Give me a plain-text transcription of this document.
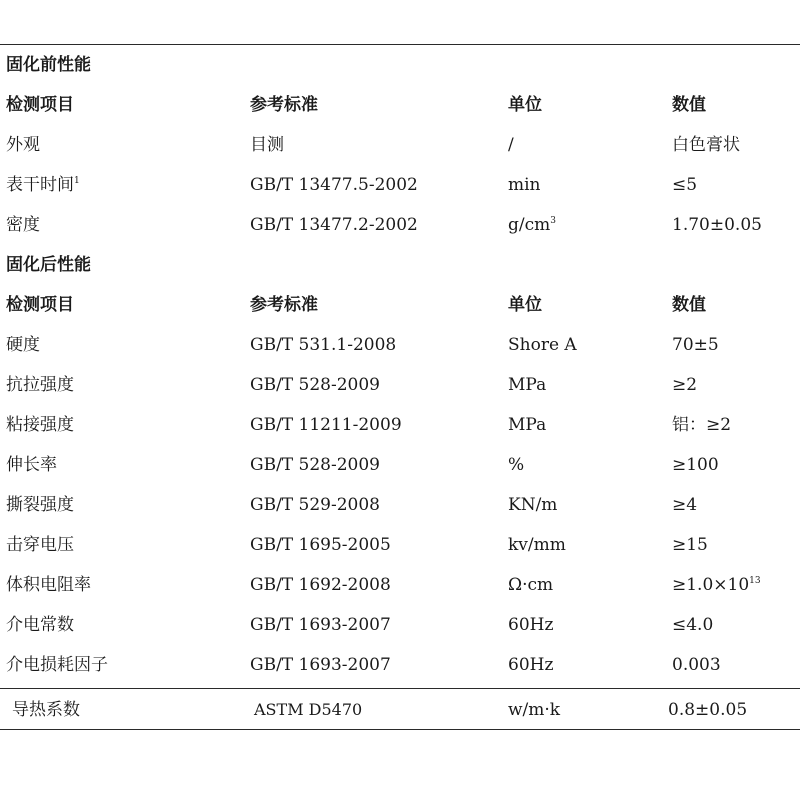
固化前性能
检测项目	参考标准	单位	数值
外观	目测	/	白色膏状
表干时间$^1$	GB/T 13477.5-2002	min	≤5
密度	GB/T 13477.2-2002	$g/cm^3$	1.70±0.05
固化后性能
检测项目	参考标准	单位	数值
硬度	GB/T 531.1-2008	Shore A	70±5
抗拉强度	GB/T 528-2009	MPa	≥2
粘接强度	GB/T 11211-2009	MPa	铝：≥2
伸长率	GB/T 528-2009	%	≥100
撕裂强度	GB/T 529-2008	KN/m	≥4
击穿电压	GB/T 1695-2005	kv/mm	≥15
体积电阻率	GB/T 1692-2008	Ω·cm	$\ge 1.0\times 10^{13}$
介电常数	GB/T 1693-2007	60Hz	≤4.0
介电损耗因子	GB/T 1693-2007	60Hz	0.003
导热系数	ASTM D5470	w/m·k	0.8±0.05
